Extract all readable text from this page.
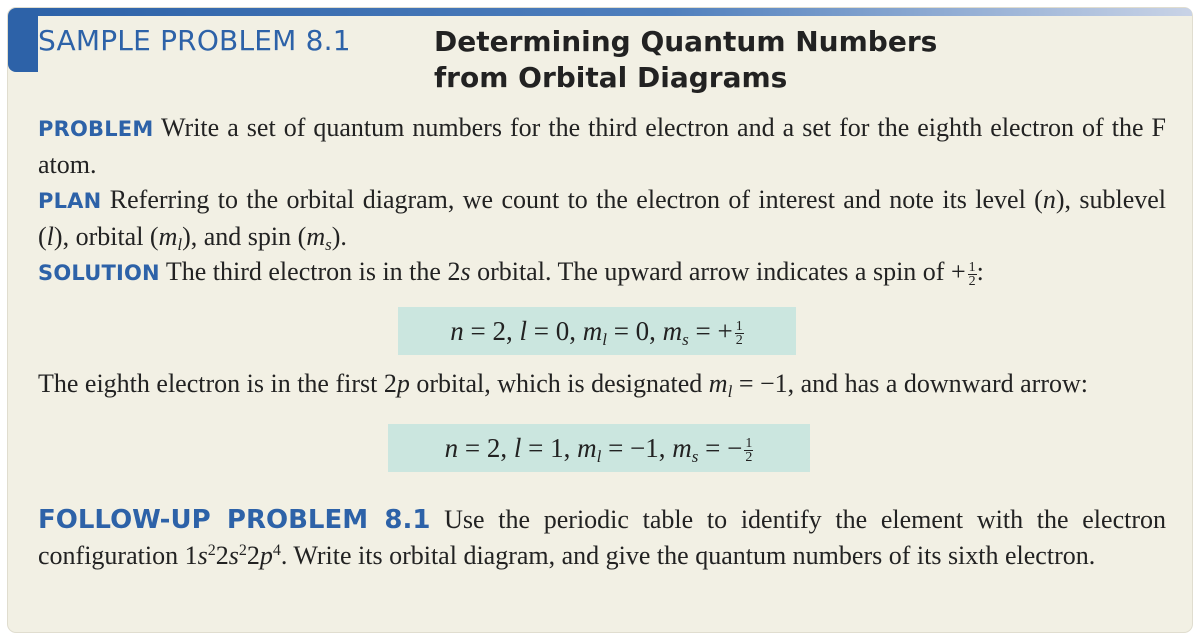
SAMPLE PROBLEM 8.1	Determining Quantum Numbers
from Orbital Diagrams
PROBLEM Write a set of quantum numbers for the third electron and a set for the eighth electron of the F atom.
PLAN Referring to the orbital diagram, we count to the electron of interest and note its level (n), sublevel (l), orbital $(m_l)$, and spin $(m_s)$.
SOLUTION The third electron is in the 2s orbital. The upward arrow indicates a spin of + $\frac{1}{2}$ :
n = 2, l = 0, $m_l = 0$, $m_s$ = + $\frac{1}{2}$
The eighth electron is in the first 2p orbital, which is designated $m_l = -1$, and has a downward arrow:
n = 2, l = 1, $m_l = -1$, $m_s$ = − $\frac{1}{2}$
FOLLOW-UP PROBLEM 8.1 Use the periodic table to identify the element with the electron configuration $1s^22s^22p^4$. Write its orbital diagram, and give the quantum numbers of its sixth electron.
